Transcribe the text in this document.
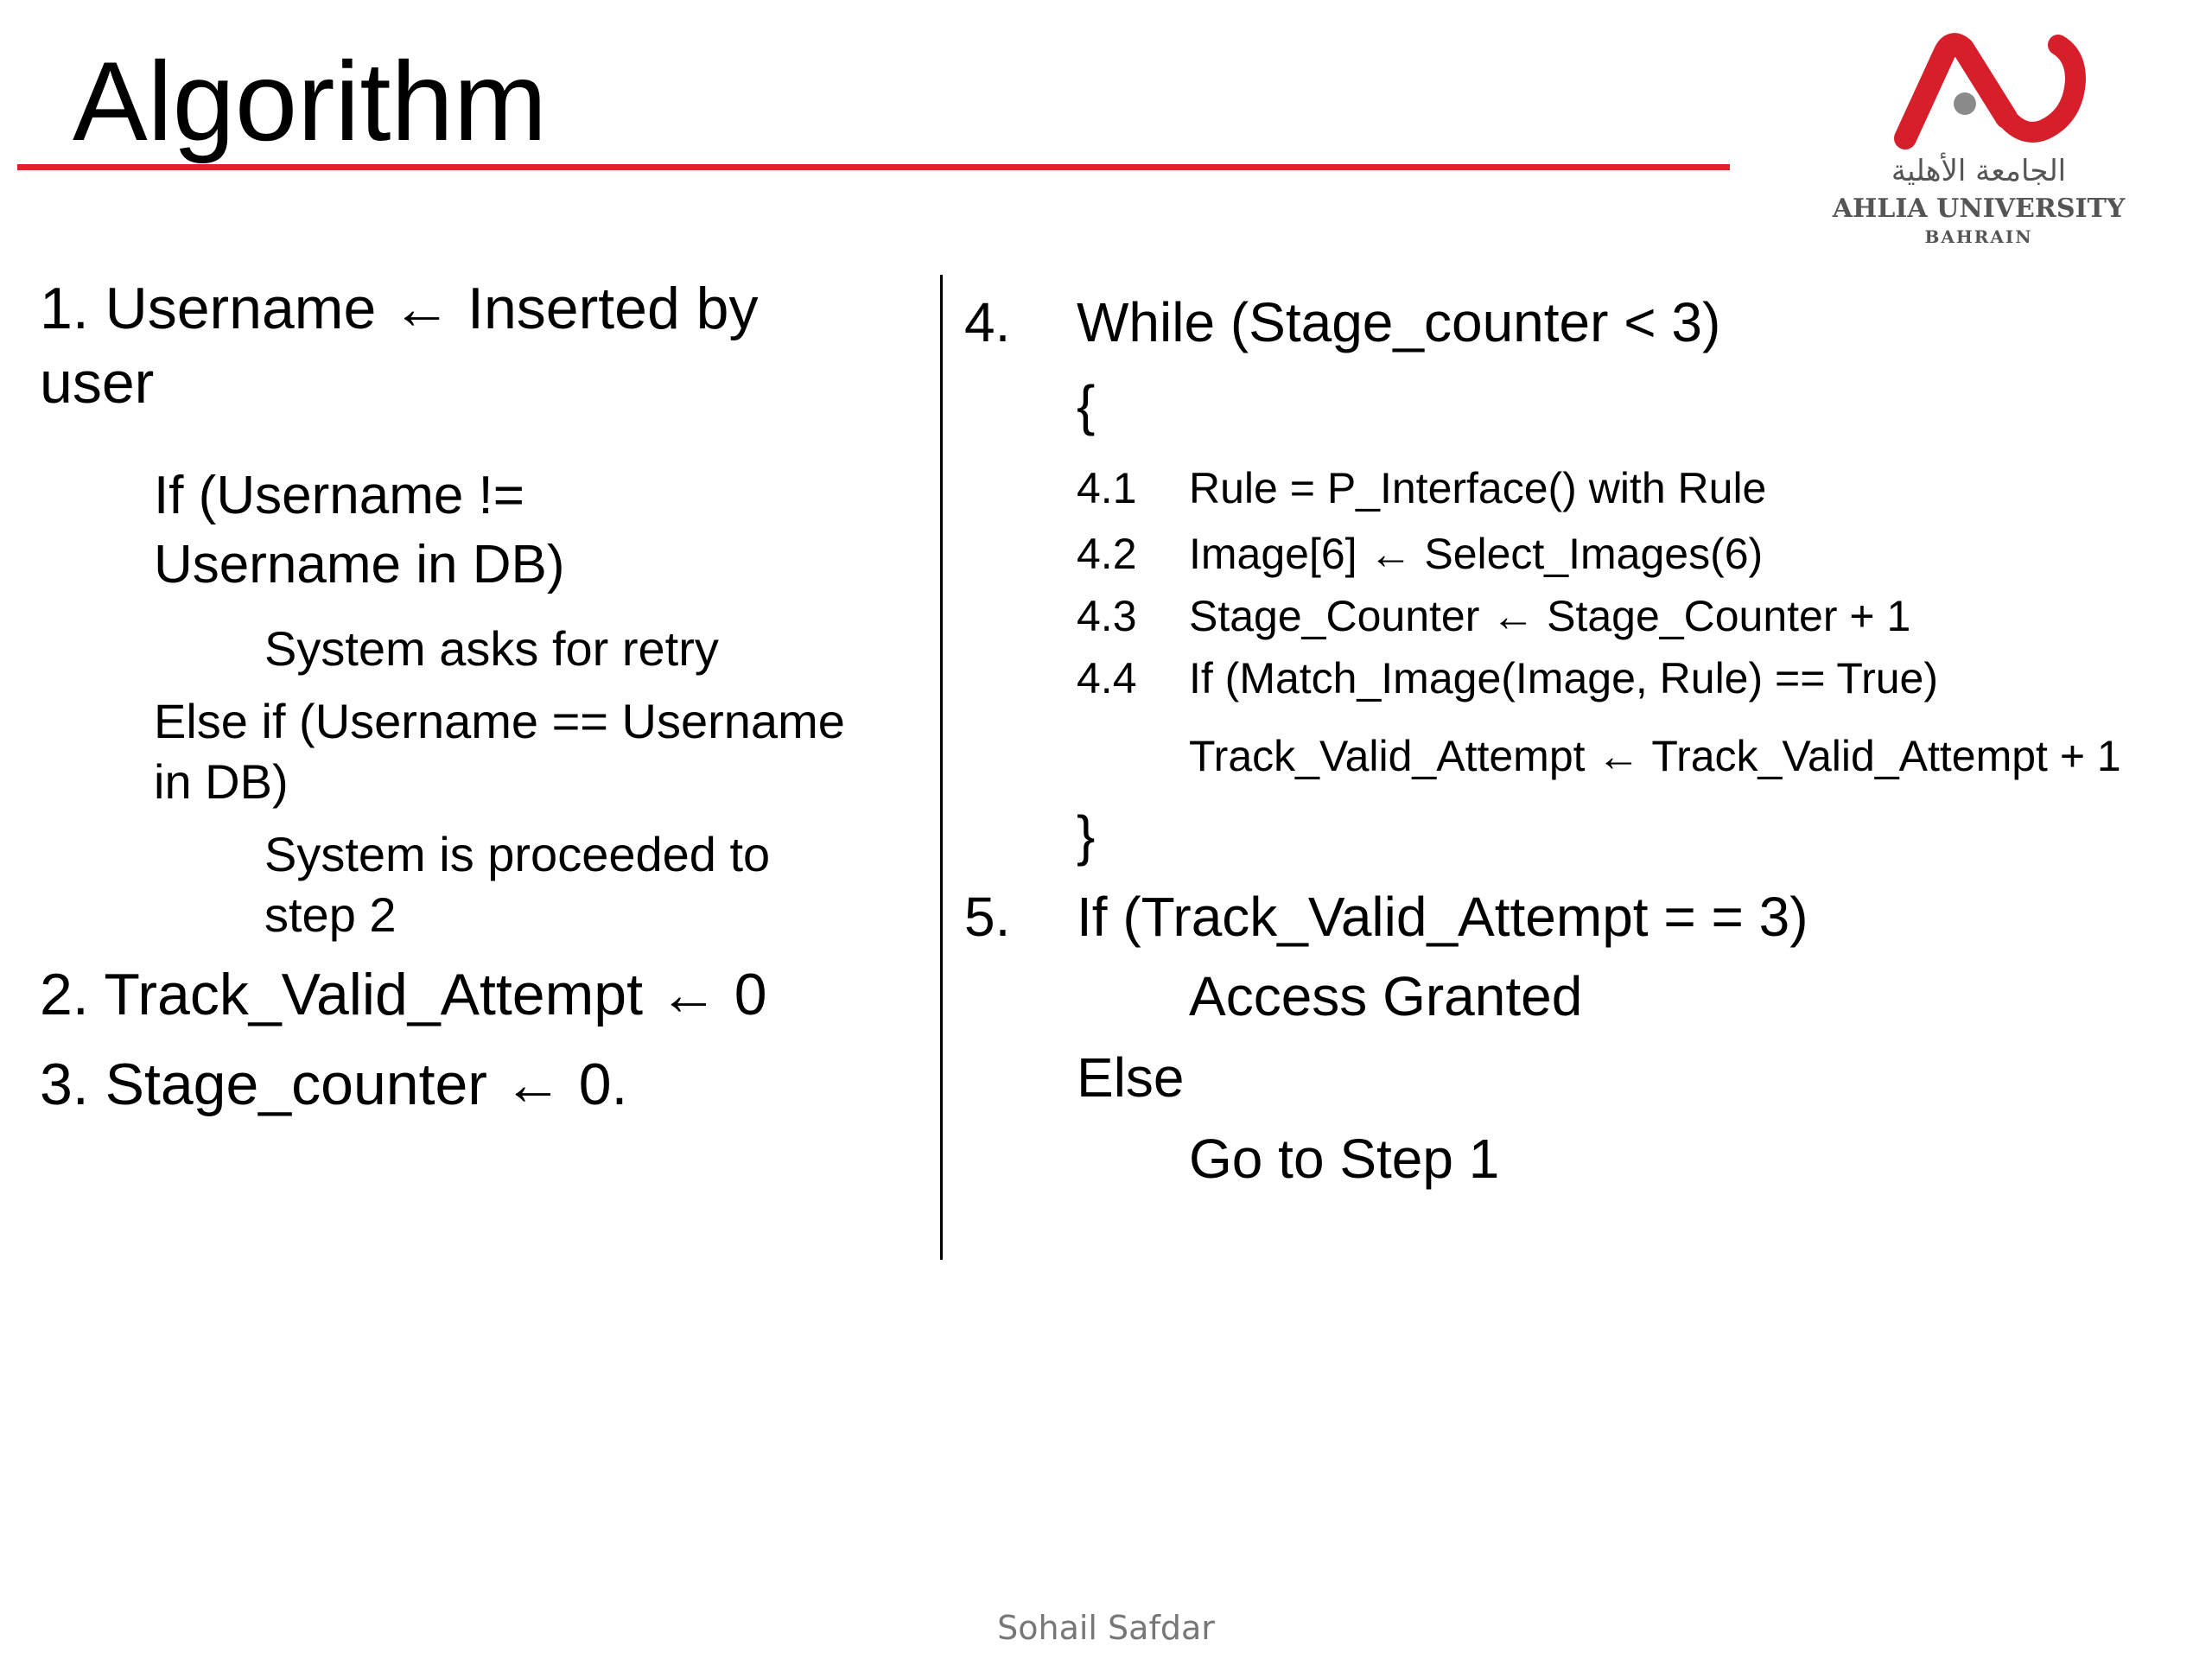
Algorithm
الجامعة الأهلية
AHLIA UNIVERSITY
BAHRAIN
1. Username ← Inserted by
user
If (Username !=
Username in DB)
System asks for retry
Else if (Username == Username
in DB)
System is proceeded to
step 2
2. Track_Valid_Attempt ← 0
3. Stage_counter ← 0.
4. While (Stage_counter < 3)
{
4.1 Rule = P_Interface() with Rule
4.2 Image[6] ← Select_Images(6)
4.3 Stage_Counter ← Stage_Counter + 1
4.4 If (Match_Image(Image, Rule) == True)
Track_Valid_Attempt ← Track_Valid_Attempt + 1
}
5. If (Track_Valid_Attempt = = 3)
Access Granted
Else
Go to Step 1
Sohail Safdar
